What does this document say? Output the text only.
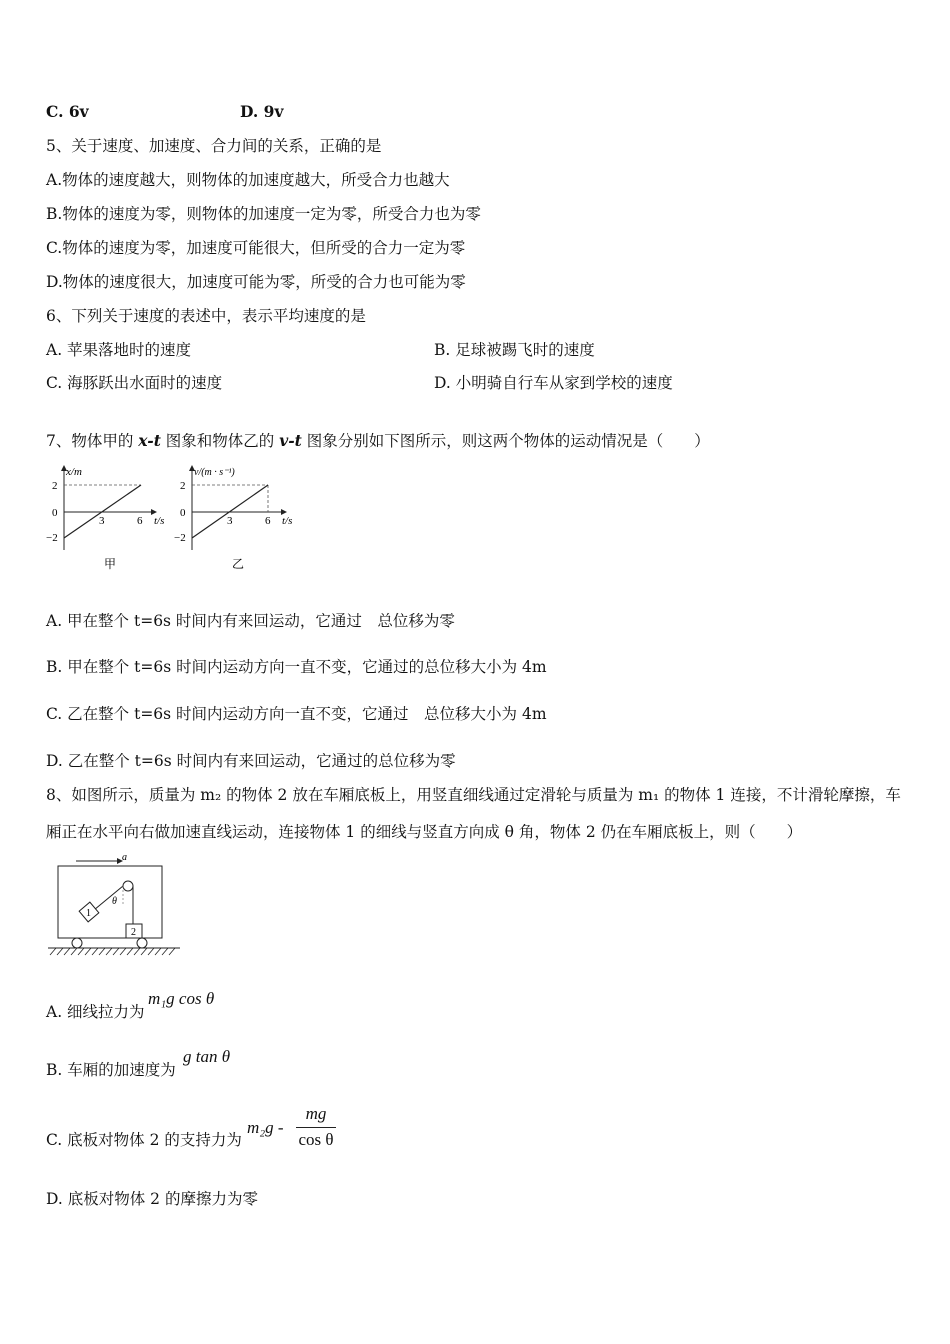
C. 6v	D. 9v
5、关于速度、加速度、合力间的关系，正确的是
A.物体的速度越大，则物体的加速度越大，所受合力也越大
B.物体的速度为零，则物体的加速度一定为零，所受合力也为零
C.物体的速度为零，加速度可能很大，但所受的合力一定为零
D.物体的速度很大，加速度可能为零，所受的合力也可能为零
6、下列关于速度的表述中，表示平均速度的是
A. 苹果落地时的速度	B. 足球被踢飞时的速度
C. 海豚跃出水面时的速度	D. 小明骑自行车从家到学校的速度
7、物体甲的 x-t 图象和物体乙的 v-t 图象分别如下图所示，则这两个物体的运动情况是（　　）
x/m
2
0
−2
3	6 t/s
甲
v/(m · s⁻¹)
2
0
−2
3	6 t/s
乙
A. 甲在整个 t=6s 时间内有来回运动，它通过　总位移为零
B. 甲在整个 t=6s 时间内运动方向一直不变，它通过的总位移大小为 4m
C. 乙在整个 t=6s 时间内运动方向一直不变，它通过　总位移大小为 4m
D. 乙在整个 t=6s 时间内有来回运动，它通过的总位移为零
8、如图所示，质量为 m₂ 的物体 2 放在车厢底板上，用竖直细线通过定滑轮与质量为 m₁ 的物体 1 连接，不计滑轮摩擦，车
厢正在水平向右做加速直线运动，连接物体 1 的细线与竖直方向成 θ 角，物体 2 仍在车厢底板上，则（　　）
a
θ
1
2
A. 细线拉力为
m₁g cos θ
B. 车厢的加速度为
g tan θ
C. 底板对物体 2 的支持力为
m₂g -
mg
cos θ
D. 底板对物体 2 的摩擦力为零
